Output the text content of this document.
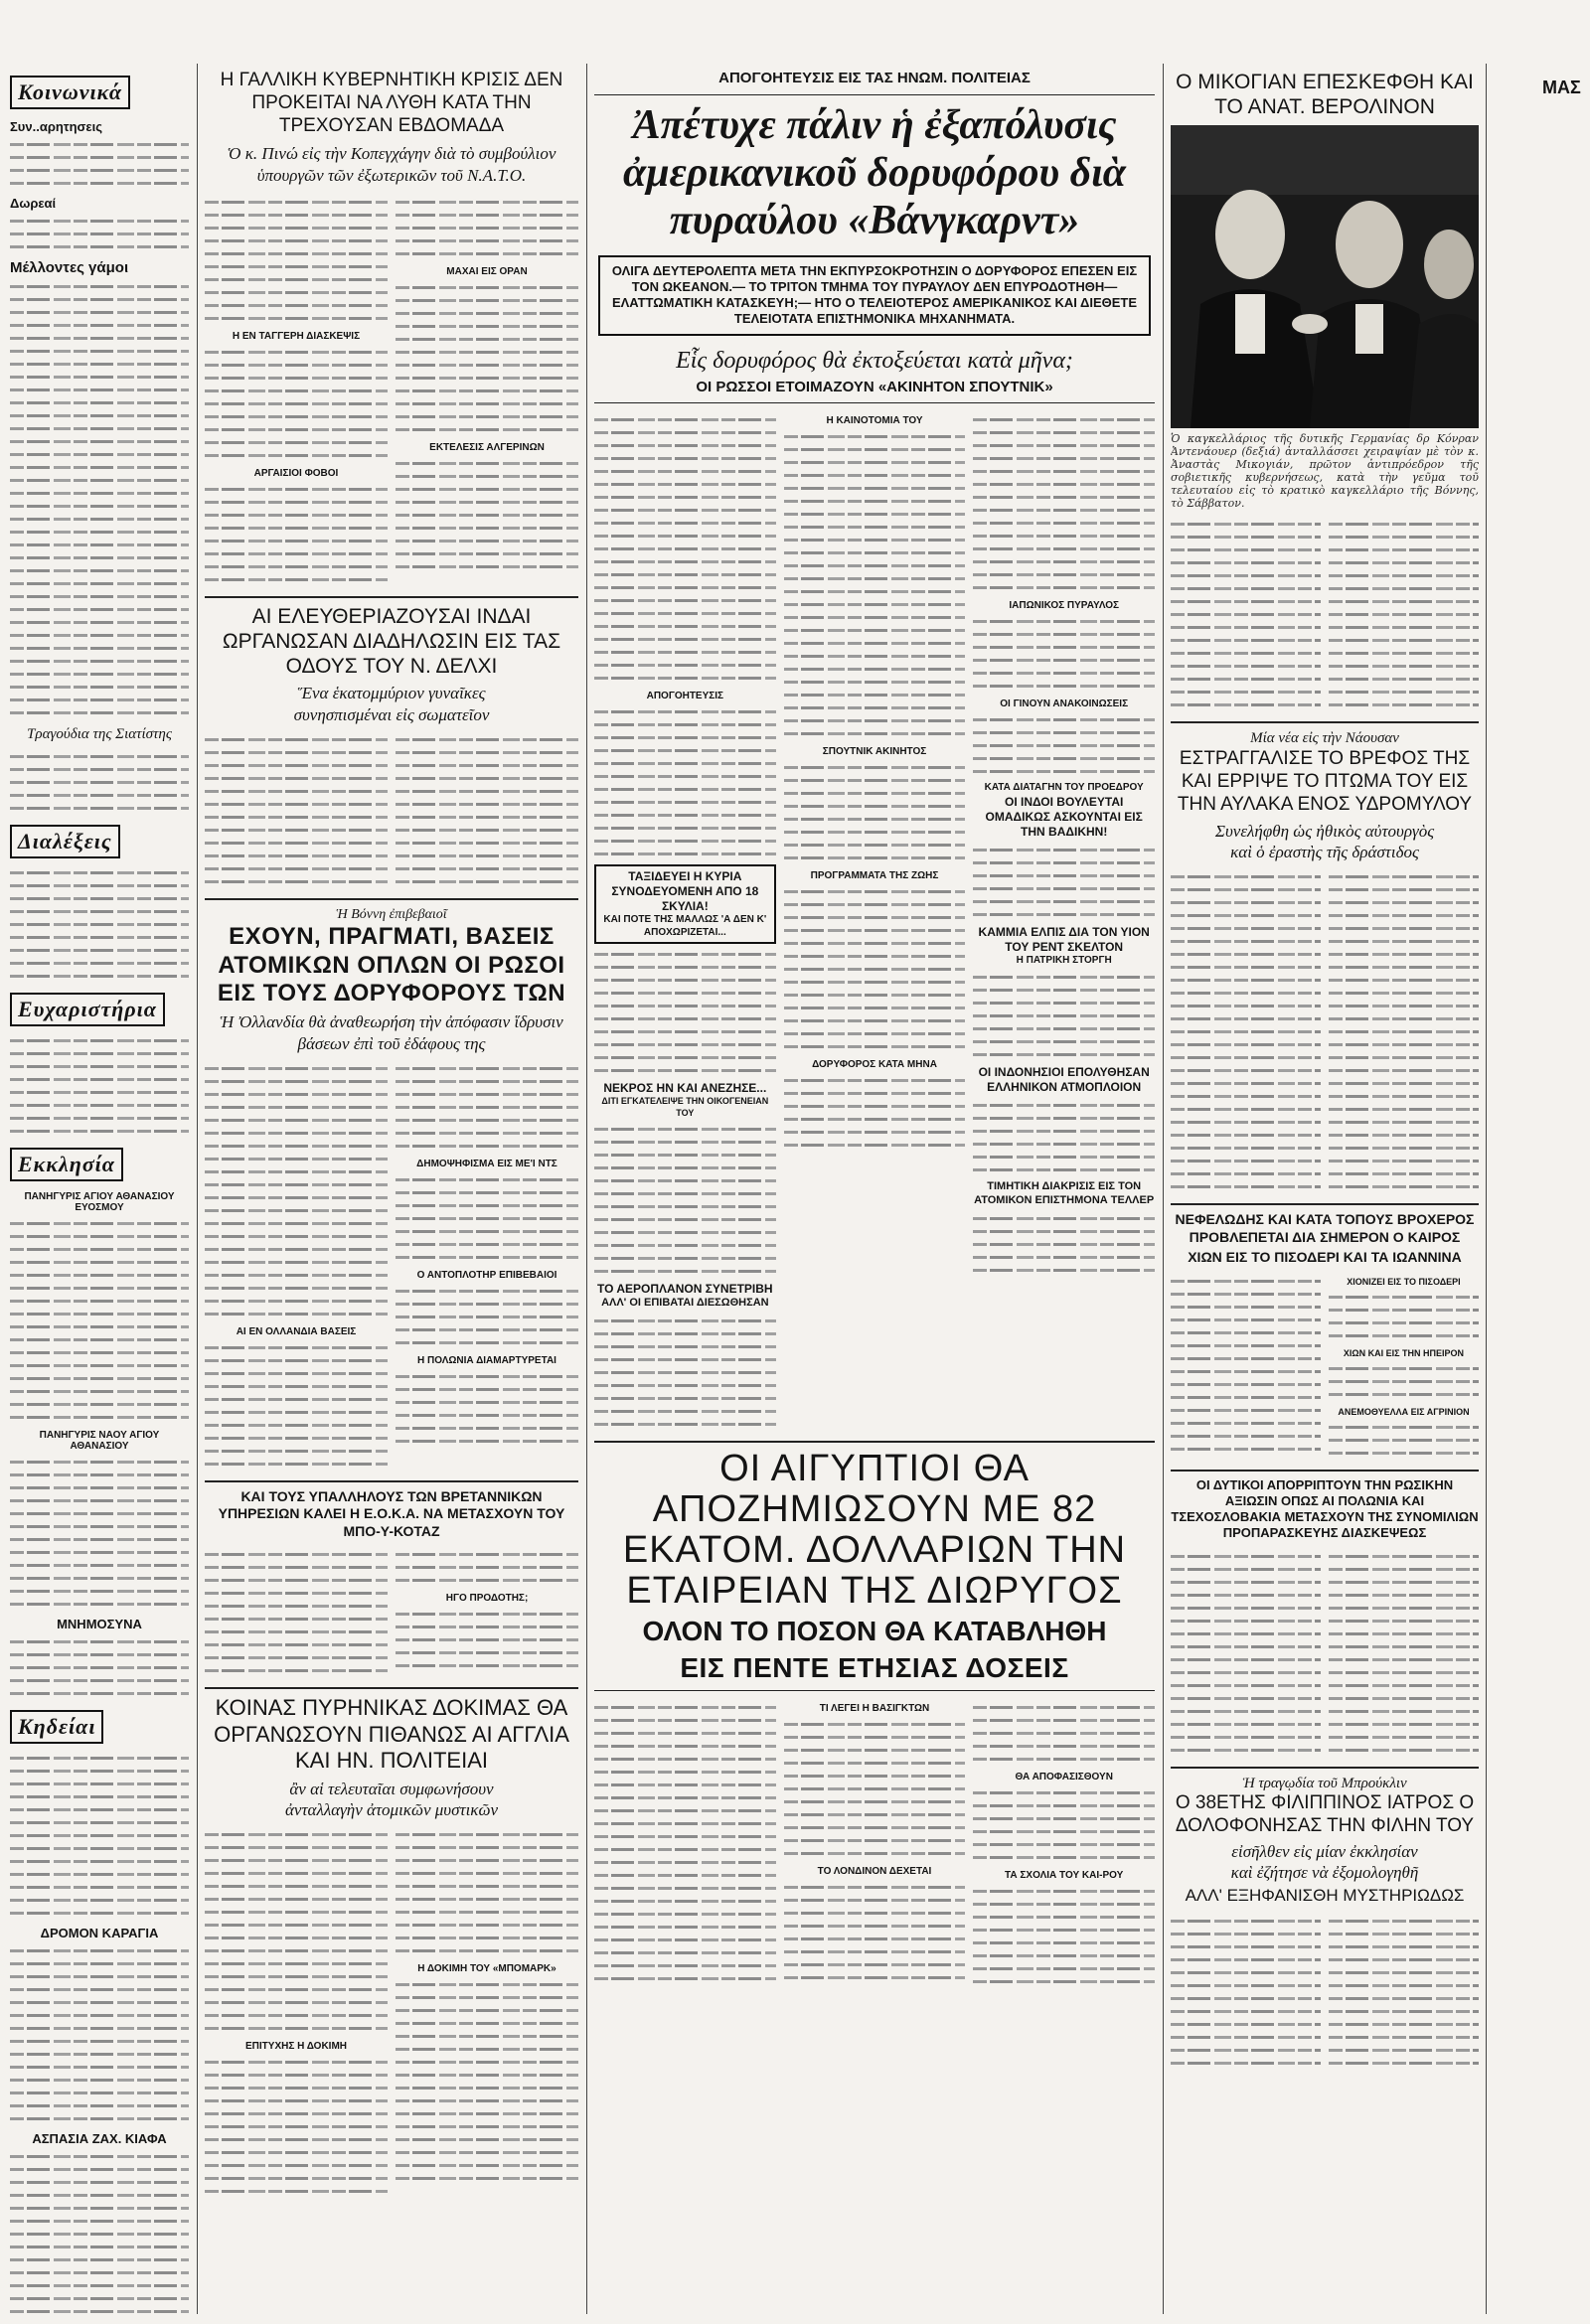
ΜΑΣ
Κοινωνικά
Συν..αρητησεις
Δωρεαί
Μέλλοντες γάμοι
Τραγούδια της Σιατίστης
Διαλέξεις
Ευχαριστήρια
Εκκλησία
ΠΑΝΗΓΥΡΙΣ ΑΓΙΟΥ ΑΘΑΝΑΣΙΟΥ ΕΥΟΣΜΟΥ
ΠΑΝΗΓΥΡΙΣ ΝΑΟΥ ΑΓΙΟΥ ΑΘΑΝΑΣΙΟΥ
ΜΝΗΜΟΣΥΝΑ
Κηδείαι
ΔΡΟΜΟΝ ΚΑΡΑΓΙΑ
ΑΣΠΑΣΙΑ ΖΑΧ. ΚΙΑΦΑ
Η ΓΑΛΛΙΚΗ ΚΥΒΕΡΝΗΤΙΚΗ ΚΡΙΣΙΣ ΔΕΝ ΠΡΟΚΕΙΤΑΙ ΝΑ ΛΥΘΗ ΚΑΤΑ ΤΗΝ ΤΡΕΧΟΥΣΑΝ ΕΒΔΟΜΑΔΑ
Ὁ κ. Πινώ εἰς τὴν Κοπεγχάγην διὰ τὸ συμβούλιον ὑπουργῶν τῶν ἐξωτερικῶν τοῦ Ν.Α.Τ.Ο.
Η ΕΝ ΤΑΓΓΕΡΗ ΔΙΑΣΚΕΨΙΣ
ΑΡΓΑΙΣΙΟΙ ΦΟΒΟΙ
ΜΑΧΑΙ ΕΙΣ ΟΡΑΝ
ΕΚΤΕΛΕΣΙΣ ΑΛΓΕΡΙΝΩΝ
ΑΙ ΕΛΕΥΘΕΡΙΑΖΟΥΣΑΙ ΙΝΔΑΙ ΩΡΓΑΝΩΣΑΝ ΔΙΑΔΗΛΩΣΙΝ ΕΙΣ ΤΑΣ ΟΔΟΥΣ ΤΟΥ Ν. ΔΕΛΧΙ
Ἕνα ἑκατομμύριον γυναῖκες
συνησπισμέναι εἰς σωματεῖον
Ἡ Βόννη ἐπιβεβαιοῖ
ΕΧΟΥΝ, ΠΡΑΓΜΑΤΙ, ΒΑΣΕΙΣ ΑΤΟΜΙΚΩΝ ΟΠΛΩΝ ΟΙ ΡΩΣΟΙ ΕΙΣ ΤΟΥΣ ΔΟΡΥΦΟΡΟΥΣ ΤΩΝ
Ἡ Ὀλλανδία θὰ ἀναθεωρήση τὴν ἀπόφασιν ἵδρυσιν βάσεων ἐπὶ τοῦ ἐδάφους της
ΑΙ ΕΝ ΟΛΛΑΝΔΙΑ ΒΑΣΕΙΣ
ΔΗΜΟΨΗΦΙΣΜΑ ΕΙΣ ΜΕ'Ι ΝΤΣ
Ο ΑΝΤΟΠΛΟΤΗΡ ΕΠΙΒΕΒΑΙΟΙ
Η ΠΟΛΩΝΙΑ ΔΙΑΜΑΡΤΥΡΕΤΑΙ
ΚΑΙ ΤΟΥΣ ΥΠΑΛΛΗΛΟΥΣ ΤΩΝ ΒΡΕΤΑΝΝΙΚΩΝ ΥΠΗΡΕΣΙΩΝ ΚΑΛΕΙ Η Ε.Ο.Κ.Α. ΝΑ ΜΕΤΑΣΧΟΥΝ ΤΟΥ ΜΠΟ-Υ-ΚΟΤΑΖ
ΗΓΟ ΠΡΟΔΟΤΗΣ;
ΚΟΙΝΑΣ ΠΥΡΗΝΙΚΑΣ ΔΟΚΙΜΑΣ ΘΑ ΟΡΓΑΝΩΣΟΥΝ ΠΙΘΑΝΩΣ ΑΙ ΑΓΓΛΙΑ ΚΑΙ ΗΝ. ΠΟΛΙΤΕΙΑΙ
ἂν αἱ τελευταῖαι συμφωνήσουν
ἀνταλλαγὴν ἀτομικῶν μυστικῶν
ΕΠΙΤΥΧΗΣ Η ΔΟΚΙΜΗ
Η ΔΟΚΙΜΗ ΤΟΥ «ΜΠΟΜΑΡΚ»
ΑΠΟΓΟΗΤΕΥΣΙΣ ΕΙΣ ΤΑΣ ΗΝΩΜ. ΠΟΛΙΤΕΙΑΣ
Ἀπέτυχε πάλιν ἡ ἐξαπόλυσις ἀμερικανικοῦ δορυφόρου διὰ πυραύλου «Βάνγκαρντ»
ΟΛΙΓΑ ΔΕΥΤΕΡΟΛΕΠΤΑ ΜΕΤΑ ΤΗΝ ΕΚΠΥΡΣΟΚΡΟΤΗΣΙΝ Ο ΔΟΡΥΦΟΡΟΣ ΕΠΕΣΕΝ ΕΙΣ ΤΟΝ ΩΚΕΑΝΟΝ.— ΤΟ ΤΡΙΤΟΝ ΤΜΗΜΑ ΤΟΥ ΠΥΡΑΥΛΟΥ ΔΕΝ ΕΠΥΡΟΔΟΤΗΘΗ— ΕΛΑΤΤΩΜΑΤΙΚΗ ΚΑΤΑΣΚΕΥΗ;— ΗΤΟ Ο ΤΕΛΕΙΟΤΕΡΟΣ ΑΜΕΡΙΚΑΝΙΚΟΣ ΚΑΙ ΔΙΕΘΕΤΕ ΤΕΛΕΙΟΤΑΤΑ ΕΠΙΣΤΗΜΟΝΙΚΑ ΜΗΧΑΝΗΜΑΤΑ.
Εἷς δορυφόρος θὰ ἐκτοξεύεται κατὰ μῆνα;
ΟΙ ΡΩΣΣΟΙ ΕΤΟΙΜΑΖΟΥΝ «ΑΚΙΝΗΤΟΝ ΣΠΟΥΤΝΙΚ»
ΑΠΟΓΟΗΤΕΥΣΙΣ
ΤΑΞΙΔΕΥΕΙ Η ΚΥΡΙΑ ΣΥΝΟΔΕΥΟΜΕΝΗ ΑΠΟ 18 ΣΚΥΛΙΑ!
ΚΑΙ ΠΟΤΕ ΤΗΣ ΜΑΛΛΩΣ 'Α ΔΕΝ Κ' ΑΠΟΧΩΡΙΖΕΤΑΙ...
ΝΕΚΡΟΣ ΗΝ ΚΑΙ ΑΝΕΖΗΣΕ...
ΔΙΤΙ ΕΓΚΑΤΕΛΕΙΨΕ ΤΗΝ ΟΙΚΟΓΕΝΕΙΑΝ ΤΟΥ
ΤΟ ΑΕΡΟΠΛΑΝΟΝ ΣΥΝΕΤΡΙΒΗ
ΑΛΛ' ΟΙ ΕΠΙΒΑΤΑΙ ΔΙΕΣΩΘΗΣΑΝ
Η ΚΑΙΝΟΤΟΜΙΑ ΤΟΥ
ΣΠΟΥΤΝΙΚ ΑΚΙΝΗΤΟΣ
ΠΡΟΓΡΑΜΜΑΤΑ ΤΗΣ ΖΩΗΣ
ΔΟΡΥΦΟΡΟΣ ΚΑΤΑ ΜΗΝΑ
ΙΑΠΩΝΙΚΟΣ ΠΥΡΑΥΛΟΣ
ΟΙ ΓΙΝΟΥΝ ΑΝΑΚΟΙΝΩΣΕΙΣ
ΚΑΤΑ ΔΙΑΤΑΓΗΝ ΤΟΥ ΠΡΟΕΔΡΟΥ
ΟΙ ΙΝΔΟΙ ΒΟΥΛΕΥΤΑΙ ΟΜΑΔΙΚΩΣ ΑΣΚΟΥΝΤΑΙ ΕΙΣ ΤΗΝ ΒΑΔΙΚΗΝ!
ΚΑΜΜΙΑ ΕΛΠΙΣ ΔΙΑ ΤΟΝ ΥΙΟΝ ΤΟΥ ΡΕΝΤ ΣΚΕΛΤΟΝ
Η ΠΑΤΡΙΚΗ ΣΤΟΡΓΗ
ΟΙ ΙΝΔΟΝΗΣΙΟΙ ΕΠΟΛΥΘΗΣΑΝ ΕΛΛΗΝΙΚΟΝ ΑΤΜΟΠΛΟΙΟΝ
ΤΙΜΗΤΙΚΗ ΔΙΑΚΡΙΣΙΣ ΕΙΣ ΤΟΝ ΑΤΟΜΙΚΟΝ ΕΠΙΣΤΗΜΟΝΑ ΤΕΛΛΕΡ
ΟΙ ΑΙΓΥΠΤΙΟΙ ΘΑ ΑΠΟΖΗΜΙΩΣΟΥΝ ΜΕ 82 ΕΚΑΤΟΜ. ΔΟΛΛΑΡΙΩΝ ΤΗΝ ΕΤΑΙΡΕΙΑΝ ΤΗΣ ΔΙΩΡΥΓΟΣ
ΟΛΟΝ ΤΟ ΠΟΣΟΝ ΘΑ ΚΑΤΑΒΛΗΘΗ
ΕΙΣ ΠΕΝΤΕ ΕΤΗΣΙΑΣ ΔΟΣΕΙΣ
ΤΙ ΛΕΓΕΙ Η ΒΑΣΙΓΚΤΩΝ
ΤΟ ΛΟΝΔΙΝΟΝ ΔΕΧΕΤΑΙ
ΘΑ ΑΠΟΦΑΣΙΣΘΟΥΝ
ΤΑ ΣΧΟΛΙΑ ΤΟΥ ΚΑΙ-ΡΟΥ
Ο ΜΙΚΟΓΙΑΝ ΕΠΕΣΚΕΦΘΗ ΚΑΙ ΤΟ ΑΝΑΤ. ΒΕΡΟΛΙΝΟΝ
Ὁ καγκελλάριος τῆς δυτικῆς Γερμανίας δρ Κόνραν Ἀντενάουερ (δεξιά) ἀνταλλάσσει χειραψίαν μὲ τὸν κ. Ἀναστὰς Μικογιάν, πρῶτον ἀντιπρόεδρον τῆς σοβιετικῆς κυβερνήσεως, κατὰ τὴν γεῦμα τοῦ τελευταίου εἰς τὸ κρατικὸ καγκελλάριο τῆς Βόννης, τὸ Σάββατον.
Μία νέα εἰς τὴν Νάουσαν
ΕΣΤΡΑΓΓΑΛΙΣΕ ΤΟ ΒΡΕΦΟΣ ΤΗΣ ΚΑΙ ΕΡΡΙΨΕ ΤΟ ΠΤΩΜΑ ΤΟΥ ΕΙΣ ΤΗΝ ΑΥΛΑΚΑ ΕΝΟΣ ΥΔΡΟΜΥΛΟΥ
Συνελήφθη ὡς ἠθικὸς αὐτουργὸς
καὶ ὁ ἐραστὴς τῆς δράστιδος
ΝΕΦΕΛΩΔΗΣ ΚΑΙ ΚΑΤΑ ΤΟΠΟΥΣ ΒΡΟΧΕΡΟΣ ΠΡΟΒΛΕΠΕΤΑΙ ΔΙΑ ΣΗΜΕΡΟΝ Ο ΚΑΙΡΟΣ
ΧΙΩΝ ΕΙΣ ΤΟ ΠΙΣΟΔΕΡΙ ΚΑΙ ΤΑ ΙΩΑΝΝΙΝΑ
ΧΙΟΝΙΖΕΙ ΕΙΣ ΤΟ ΠΙΣΟΔΕΡΙ
ΧΙΩΝ ΚΑΙ ΕΙΣ ΤΗΝ ΗΠΕΙΡΟΝ
ΑΝΕΜΟΘΥΕΛΛΑ ΕΙΣ ΑΓΡΙΝΙΟΝ
ΟΙ ΔΥΤΙΚΟΙ ΑΠΟΡΡΙΠΤΟΥΝ ΤΗΝ ΡΩΣΙΚΗΝ ΑΞΙΩΣΙΝ ΟΠΩΣ ΑΙ ΠΟΛΩΝΙΑ ΚΑΙ ΤΣΕΧΟΣΛΟΒΑΚΙΑ ΜΕΤΑΣΧΟΥΝ ΤΗΣ ΣΥΝΟΜΙΛΙΩΝ ΠΡΟΠΑΡΑΣΚΕΥΗΣ ΔΙΑΣΚΕΨΕΩΣ
Ἡ τραγῳδία τοῦ Μπρούκλιν
Ο 38ΕΤΗΣ ΦΙΛΙΠΠΙΝΟΣ ΙΑΤΡΟΣ Ο ΔΟΛΟΦΟΝΗΣΑΣ ΤΗΝ ΦΙΛΗΝ ΤΟΥ
εἰσῆλθεν εἰς μίαν ἐκκλησίαν
καὶ ἐζήτησε νὰ ἐξομολογηθῆ
ΑΛΛ' ΕΞΗΦΑΝΙΣΘΗ ΜΥΣΤΗΡΙΩΔΩΣ
